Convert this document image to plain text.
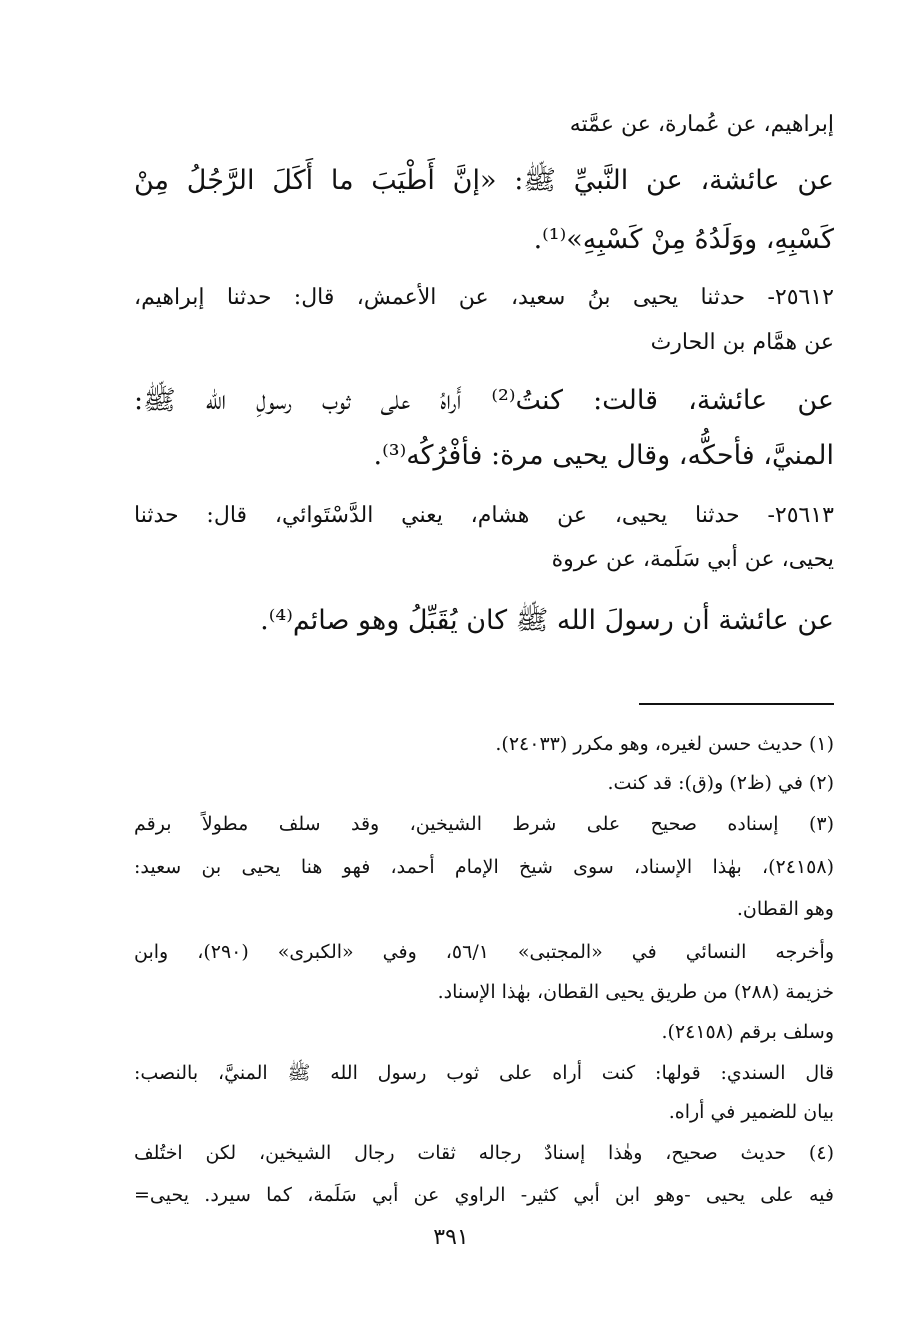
إبراهيم، عن عُمارة، عن عمَّته
عن عائشة، عن النَّبيِّ ﷺ: «إنَّ أَطْيَبَ ما أَكَلَ الرَّجُلُ مِنْ
كَسْبِهِ، ووَلَدُهُ مِنْ كَسْبِهِ»⁽¹⁾.
٢٥٦١٢- حدثنا يحيى بنُ سعيد، عن الأعمش، قال: حدثنا إبراهيم،
عن همَّام بن الحارث
عن عائشة، قالت: كنتُ⁽²⁾ أَراهُ على ثوب رسولِ الله ﷺ:
المنيَّ، فأحكُّه، وقال يحيى مرة: فأفْرُكُه⁽³⁾.
٢٥٦١٣- حدثنا يحيى، عن هشام، يعني الدَّسْتَوائي، قال: حدثنا
يحيى، عن أبي سَلَمة، عن عروة
عن عائشة أن رسولَ الله ﷺ كان يُقَبِّلُ وهو صائم⁽⁴⁾.
(١) حديث حسن لغيره، وهو مكرر (٢٤٠٣٣).
(٢) في (ظ٢) و(ق): قد كنت.
(٣) إسناده صحيح على شرط الشيخين، وقد سلف مطولاً برقم
(٢٤١٥٨)، بهٰذا الإسناد، سوى شيخ الإمام أحمد، فهو هنا يحيى بن سعيد:
وهو القطان.
وأخرجه النسائي في «المجتبى» ٥٦/١، وفي «الكبرى» (٢٩٠)، وابن
خزيمة (٢٨٨) من طريق يحيى القطان، بهٰذا الإسناد.
وسلف برقم (٢٤١٥٨).
قال السندي: قولها: كنت أراه على ثوب رسول الله ﷺ المنيَّ، بالنصب:
بيان للضمير في أراه.
(٤) حديث صحيح، وهٰذا إسنادٌ رجاله ثقات رجال الشيخين، لكن اختُلف
فيه على يحيى -وهو ابن أبي كثير- الراوي عن أبي سَلَمة، كما سيرد. يحيى=
٣٩١
